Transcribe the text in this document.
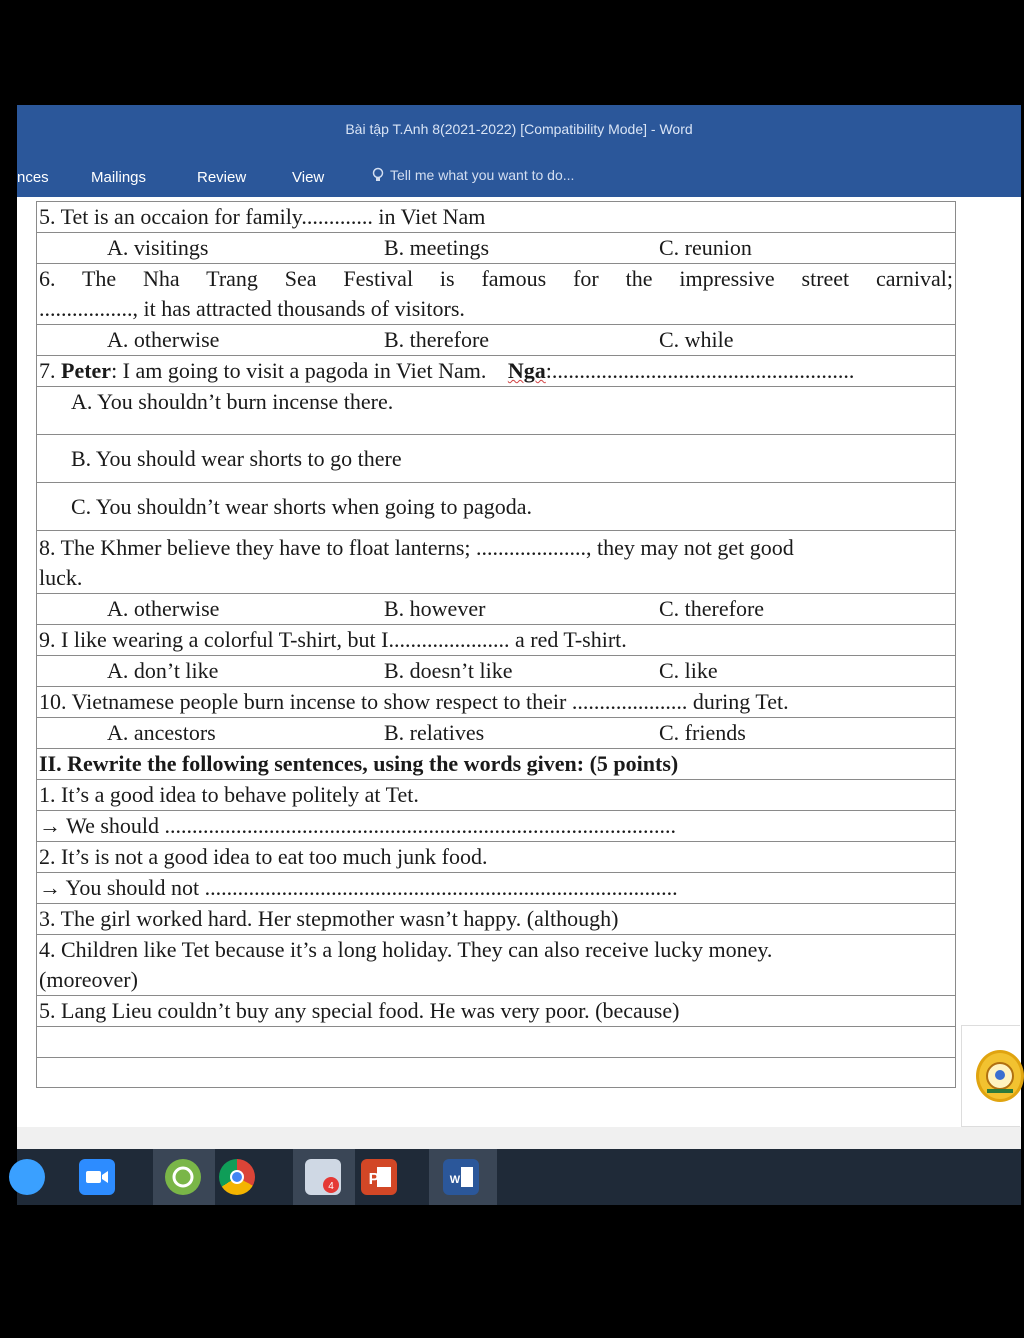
Bài tập T.Anh 8(2021-2022) [Compatibility Mode] - Word
nces	Mailings	Review	View	Tell me what you want to do...
5. Tet is an occaion for family............. in Viet Nam
A. visitings	B. meetings	C. reunion
6. The Nha Trang Sea Festival is famous for the impressive street carnival;
................., it has attracted thousands of visitors.
A. otherwise	B. therefore	C. while
7. Peter: I am going to visit a pagoda in Viet Nam. Nga:.......................................................
A. You shouldn’t burn incense there.
B. You should wear shorts to go there
C. You shouldn’t wear shorts when going to pagoda.
8. The Khmer believe they have to float lanterns; ...................., they may not get good
luck.
A. otherwise	B. however	C. therefore
9. I like wearing a colorful T-shirt, but I...................... a red T-shirt.
A. don’t like	B. doesn’t like	C. like
10. Vietnamese people burn incense to show respect to their ..................... during Tet.
A. ancestors	B. relatives	C. friends
II. Rewrite the following sentences, using the words given: (5 points)
1. It’s a good idea to behave politely at Tet.
→ We should .............................................................................................
2. It’s is not a good idea to eat too much junk food.
→ You should not ......................................................................................
3. The girl worked hard. Her stepmother wasn’t happy. (although)
4. Children like Tet because it’s a long holiday. They can also receive lucky money.
(moreover)
5. Lang Lieu couldn’t buy any special food. He was very poor. (because)
4 P	W
